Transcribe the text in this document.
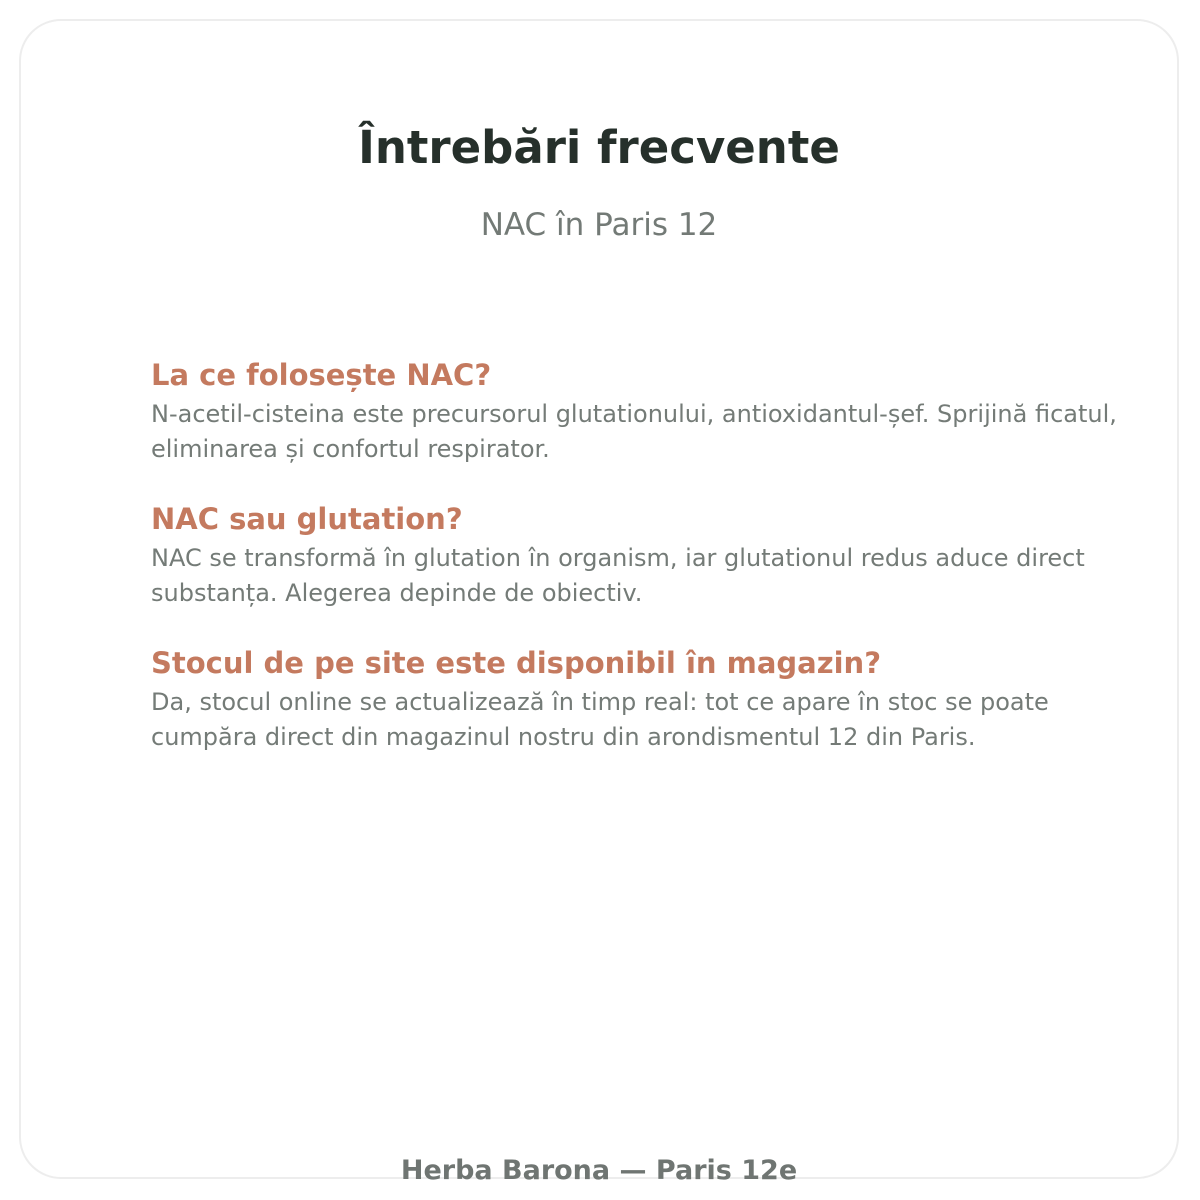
Întrebări frecvente

NAC în Paris 12

La ce folosește NAC?

N-acetil-cisteina este precursorul glutationului, antioxidantul-șef. Sprijină ficatul, eliminarea și confortul respirator.

NAC sau glutation?

NAC se transformă în glutation în organism, iar glutationul redus aduce direct substanța. Alegerea depinde de obiectiv.

Stocul de pe site este disponibil în magazin?

Da, stocul online se actualizează în timp real: tot ce apare în stoc se poate cumpăra direct din magazinul nostru din arondismentul 12 din Paris.

Herba Barona — Paris 12e
